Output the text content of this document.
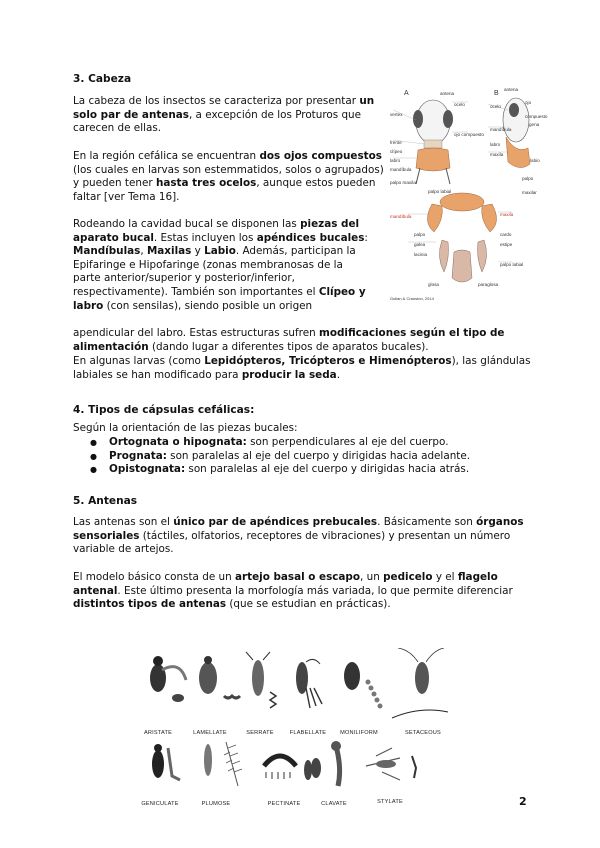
3. Cabeza

La cabeza de los insectos se caracteriza por presentar un solo par de antenas, a excepción de los Proturos que carecen de ellas.

En la región cefálica se encuentran dos ojos compuestos (los cuales en larvas son estemmatidos, solos o agrupados) y pueden tener hasta tres ocelos, aunque estos pueden faltar [ver Tema 16].

Rodeando la cavidad bucal se disponen las piezas del aparato bucal. Estas incluyen los apéndices bucales: Mandíbulas, Maxilas y Labio. Además, participan la Epifaringe e Hipofaringe (zonas membranosas de la parte anterior/superior y posterior/inferior, respectivamente). También son importantes el Clípeo y labro (con sensilas), siendo posible un origen

apendicular del labro. Estas estructuras sufren modificaciones según el tipo de alimentación (dando lugar a diferentes tipos de aparatos bucales).

En algunas larvas (como Lepidópteros, Tricópteros e Himenópteros), las glándulas labiales se han modificado para producir la seda.

A	B
vertex
frente
clípeo
labro
mandíbula
palpo maxilar
palpo labial
antena
ocelo
ojo compuesto
antena
ocelo
ojo compuesto
gena
mandíbula
maxila
labro
palpo maxilar
labio
mandíbula	maxila
palpo
galea
lacinia
cardo
estipe
palpo labial
glosa	paraglosa
Gullan & Cranston, 2014
4. Tipos de cápsulas cefálicas:

Según la orientación de las piezas bucales:

● Ortognata o hipognata: son perpendiculares al eje del cuerpo.
● Prognata: son paralelas al eje del cuerpo y dirigidas hacia adelante.
● Opistognata: son paralelas al eje del cuerpo y dirigidas hacia atrás.
5. Antenas

Las antenas son el único par de apéndices prebucales. Básicamente son órganos sensoriales (táctiles, olfatorios, receptores de vibraciones) y presentan un número variable de artejos.

El modelo básico consta de un artejo basal o escapo, un pedicelo y el flagelo antenal. Este último presenta la morfología más variada, lo que permite diferenciar distintos tipos de antenas (que se estudian en prácticas).

ARISTATE	LAMELLATE	SERRATE	FLABELLATE	MONILIFORM	SETACEOUS
GENICULATE	PLUMOSE	PECTINATE	CLAVATE	STYLATE	2
